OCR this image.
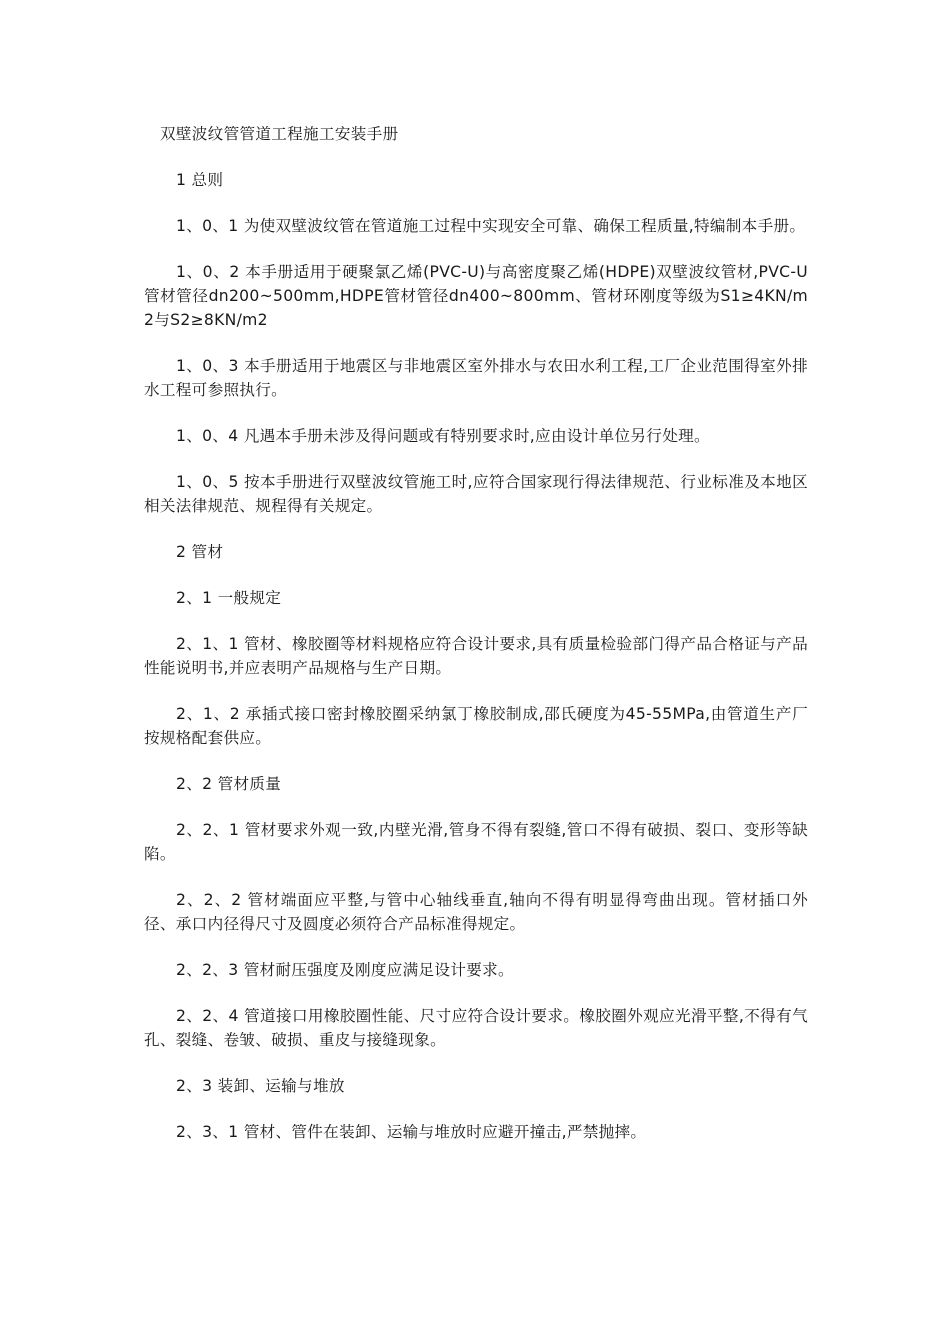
双壁波纹管管道工程施工安装手册

1 总则

1、0、1 为使双壁波纹管在管道施工过程中实现安全可靠、确保工程质量,特编制本手册。

1、0、2 本手册适用于硬聚氯乙烯(PVC-U)与高密度聚乙烯(HDPE)双壁波纹管材,PVC-U管材管径dn200~500mm,HDPE管材管径dn400~800mm、管材环刚度等级为S1≥4KN/m2与S2≥8KN/m2

1、0、3 本手册适用于地震区与非地震区室外排水与农田水利工程,工厂企业范围得室外排水工程可参照执行。

1、0、4 凡遇本手册未涉及得问题或有特别要求时,应由设计单位另行处理。

1、0、5 按本手册进行双壁波纹管施工时,应符合国家现行得法律规范、行业标准及本地区相关法律规范、规程得有关规定。

2 管材

2、1 一般规定

2、1、1 管材、橡胶圈等材料规格应符合设计要求,具有质量检验部门得产品合格证与产品性能说明书,并应表明产品规格与生产日期。

2、1、2 承插式接口密封橡胶圈采纳氯丁橡胶制成,邵氏硬度为45-55MPa,由管道生产厂按规格配套供应。

2、2 管材质量

2、2、1 管材要求外观一致,内壁光滑,管身不得有裂缝,管口不得有破损、裂口、变形等缺陷。

2、2、2 管材端面应平整,与管中心轴线垂直,轴向不得有明显得弯曲出现。管材插口外径、承口内径得尺寸及圆度必须符合产品标准得规定。

2、2、3 管材耐压强度及刚度应满足设计要求。

2、2、4 管道接口用橡胶圈性能、尺寸应符合设计要求。橡胶圈外观应光滑平整,不得有气孔、裂缝、卷皱、破损、重皮与接缝现象。

2、3 装卸、运输与堆放

2、3、1 管材、管件在装卸、运输与堆放时应避开撞击,严禁抛摔。
